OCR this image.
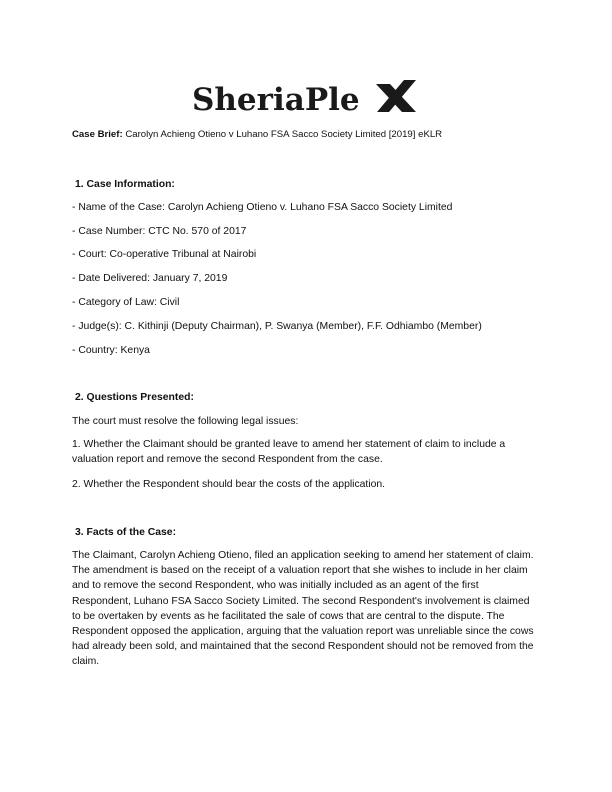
SheriaPle
Case Brief: Carolyn Achieng Otieno v Luhano FSA Sacco Society Limited [2019] eKLR
1. Case Information:
- Name of the Case: Carolyn Achieng Otieno v. Luhano FSA Sacco Society Limited
- Case Number: CTC No. 570 of 2017
- Court: Co-operative Tribunal at Nairobi
- Date Delivered: January 7, 2019
- Category of Law: Civil
- Judge(s): C. Kithinji (Deputy Chairman), P. Swanya (Member), F.F. Odhiambo (Member)
- Country: Kenya
2. Questions Presented:
The court must resolve the following legal issues:
1. Whether the Claimant should be granted leave to amend her statement of claim to include a valuation report and remove the second Respondent from the case.
2. Whether the Respondent should bear the costs of the application.
3. Facts of the Case:
The Claimant, Carolyn Achieng Otieno, filed an application seeking to amend her statement of claim. The amendment is based on the receipt of a valuation report that she wishes to include in her claim and to remove the second Respondent, who was initially included as an agent of the first Respondent, Luhano FSA Sacco Society Limited. The second Respondent's involvement is claimed to be overtaken by events as he facilitated the sale of cows that are central to the dispute. The Respondent opposed the application, arguing that the valuation report was unreliable since the cows had already been sold, and maintained that the second Respondent should not be removed from the claim.
